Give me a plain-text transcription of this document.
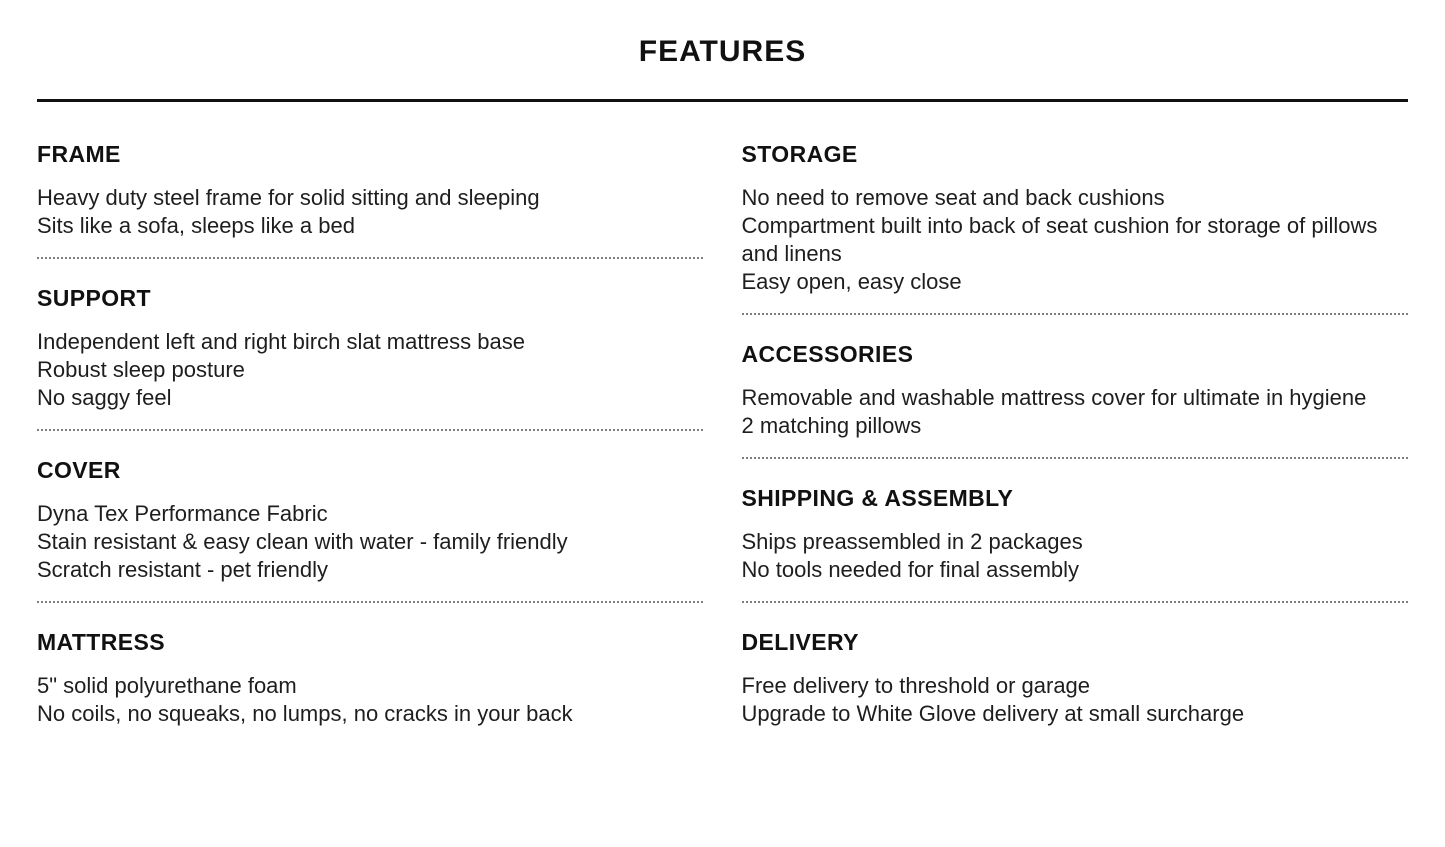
FEATURES
FRAME
Heavy duty steel frame for solid sitting and sleeping
Sits like a sofa, sleeps like a bed
SUPPORT
Independent left and right birch slat mattress base
Robust sleep posture
No saggy feel
COVER
Dyna Tex Performance Fabric
Stain resistant & easy clean with water - family friendly
Scratch resistant - pet friendly
MATTRESS
5" solid polyurethane foam
No coils, no squeaks, no lumps, no cracks in your back
STORAGE
No need to remove seat and back cushions
Compartment built into back of seat cushion for storage of pillows and linens
Easy open, easy close
ACCESSORIES
Removable and washable mattress cover for ultimate in hygiene
2 matching pillows
SHIPPING & ASSEMBLY
Ships preassembled in 2 packages
No tools needed for final assembly
DELIVERY
Free delivery to threshold or garage
Upgrade to White Glove delivery at small surcharge
